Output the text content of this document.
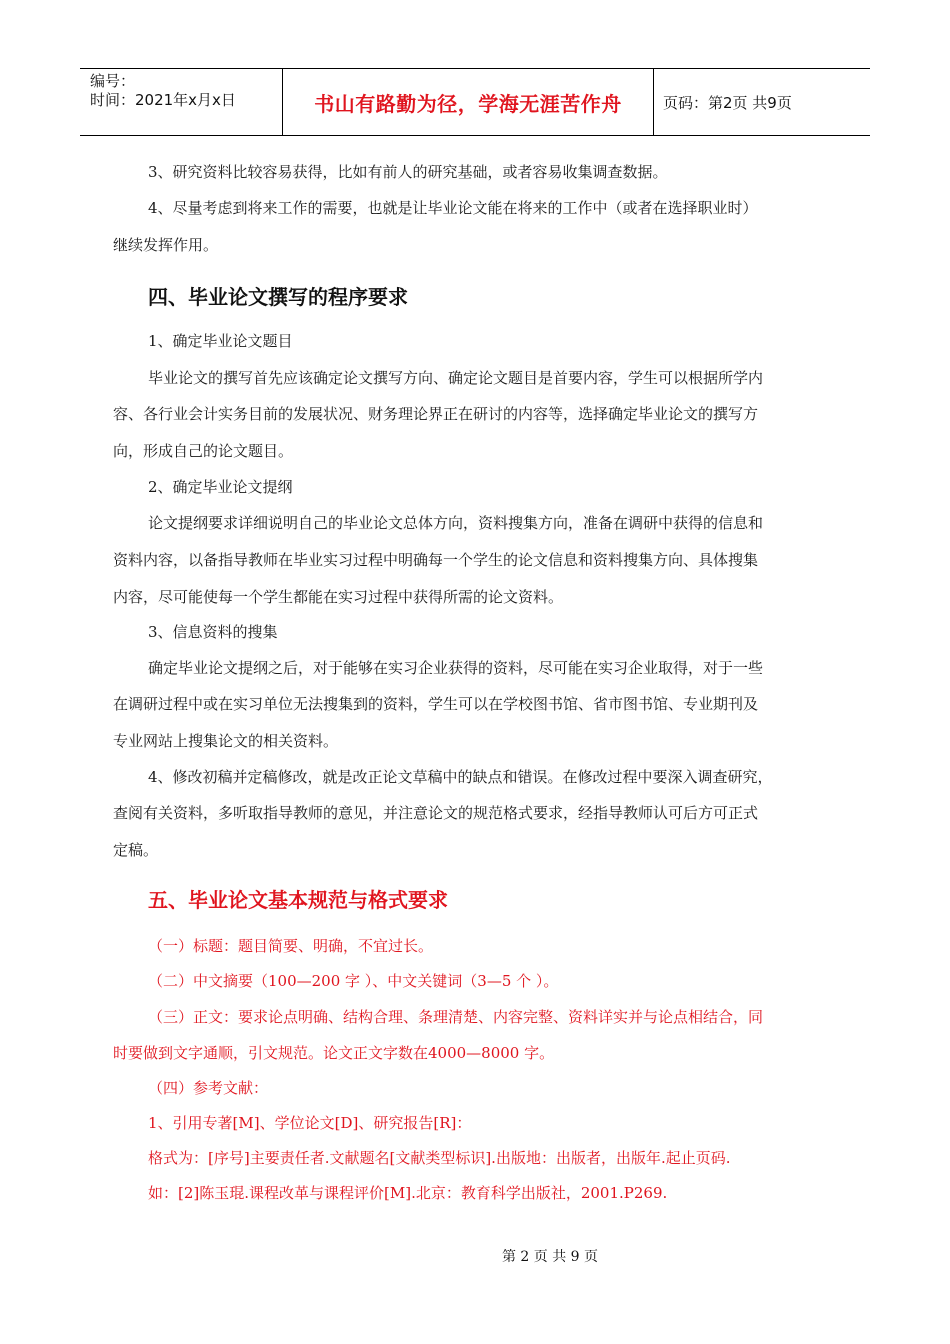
编号：
时间：2021年x月x日	书山有路勤为径，学海无涯苦作舟	页码：第2页 共9页
3、研究资料比较容易获得，比如有前人的研究基础，或者容易收集调查数据。
4、尽量考虑到将来工作的需要，也就是让毕业论文能在将来的工作中（或者在选择职业时）
继续发挥作用。
四、毕业论文撰写的程序要求
1、确定毕业论文题目
毕业论文的撰写首先应该确定论文撰写方向、确定论文题目是首要内容，学生可以根据所学内
容、各行业会计实务目前的发展状况、财务理论界正在研讨的内容等，选择确定毕业论文的撰写方
向，形成自己的论文题目。
2、确定毕业论文提纲
论文提纲要求详细说明自己的毕业论文总体方向，资料搜集方向，准备在调研中获得的信息和
资料内容，以备指导教师在毕业实习过程中明确每一个学生的论文信息和资料搜集方向、具体搜集
内容，尽可能使每一个学生都能在实习过程中获得所需的论文资料。
3、信息资料的搜集
确定毕业论文提纲之后，对于能够在实习企业获得的资料，尽可能在实习企业取得，对于一些
在调研过程中或在实习单位无法搜集到的资料，学生可以在学校图书馆、省市图书馆、专业期刊及
专业网站上搜集论文的相关资料。
4、修改初稿并定稿修改，就是改正论文草稿中的缺点和错误。在修改过程中要深入调查研究，
查阅有关资料，多听取指导教师的意见，并注意论文的规范格式要求，经指导教师认可后方可正式
定稿。
五、毕业论文基本规范与格式要求
（一）标题：题目简要、明确，不宜过长。
（二）中文摘要（100—200 字 ）、中文关键词（3—5 个 ）。
（三）正文：要求论点明确、结构合理、条理清楚、内容完整、资料详实并与论点相结合，同
时要做到文字通顺，引文规范。论文正文字数在4000—8000 字。
（四）参考文献：
1、引用专著[M]、学位论文[D]、研究报告[R]：
格式为：[序号]主要责任者.文献题名[文献类型标识].出版地：出版者，出版年.起止页码.
如：[2]陈玉琨.课程改革与课程评价[M].北京：教育科学出版社，2001.P269.
第 2 页 共 9 页
